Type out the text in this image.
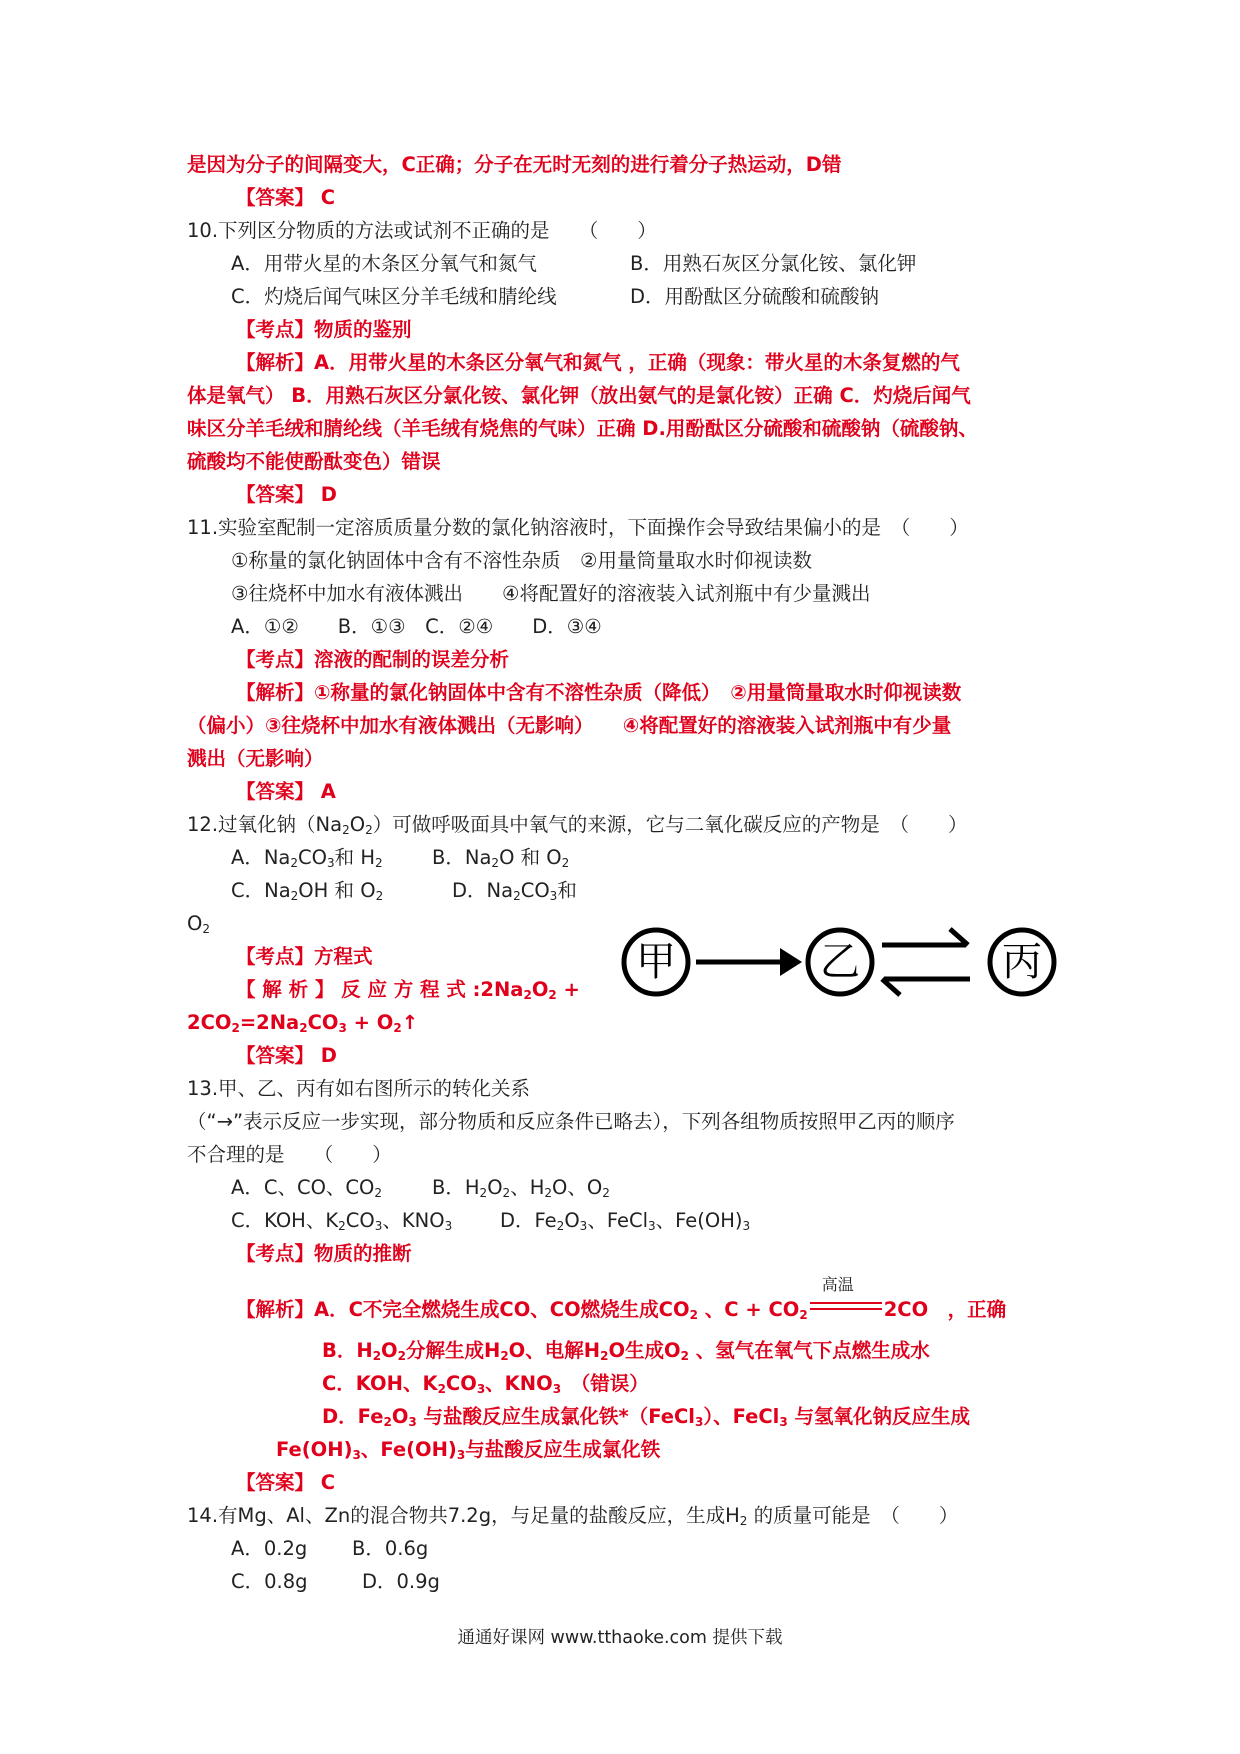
是因为分子的间隔变大，C正确；分子在无时无刻的进行着分子热运动，D错
【答案】 C
10.下列区分物质的方法或试剂不正确的是　　（　　）
A．用带火星的木条区分氧气和氮气	B．用熟石灰区分氯化铵、氯化钾
C．灼烧后闻气味区分羊毛绒和腈纶线	D．用酚酞区分硫酸和硫酸钠
【考点】物质的鉴别
【解析】A．用带火星的木条区分氧气和氮气 ，正确（现象：带火星的木条复燃的气
体是氧气） B．用熟石灰区分氯化铵、氯化钾（放出氨气的是氯化铵）正确 C．灼烧后闻气
味区分羊毛绒和腈纶线（羊毛绒有烧焦的气味）正确 D.用酚酞区分硫酸和硫酸钠（硫酸钠、
硫酸均不能使酚酞变色）错误
【答案】 D
11.实验室配制一定溶质质量分数的氯化钠溶液时，下面操作会导致结果偏小的是　（　　）
①称量的氯化钠固体中含有不溶性杂质　②用量筒量取水时仰视读数
③往烧杯中加水有液体溅出　　④将配置好的溶液装入试剂瓶中有少量溅出
A．①②　　B．①③　C．②④　　D．③④
【考点】溶液的配制的误差分析
【解析】①称量的氯化钠固体中含有不溶性杂质（降低）　②用量筒量取水时仰视读数
（偏小）③往烧杯中加水有液体溅出（无影响）　　④将配置好的溶液装入试剂瓶中有少量
溅出（无影响）
【答案】 A
12.过氧化钠$(Na_2O_2)$可做呼吸面具中氧气的来源，它与二氧化碳反应的产物是　（　　）
A．$Na_2CO_3$和 $H_2$	B．$Na_2O$ 和 $O_2$
C．$Na_2OH$ 和 $O_2$	D．$Na_2CO_3$和
$O_2$
【考点】方程式
【 解 析 】 反 应 方 程 式 $:2Na_2O_2$ +
$2CO_2=2Na_2CO_3$ + $O_2↑$
【答案】 D
甲	乙	丙
13.甲、乙、丙有如右图所示的转化关系
（“→”表示反应一步实现，部分物质和反应条件已略去），下列各组物质按照甲乙丙的顺序
不合理的是　　（　　）
A．C、CO、$CO_2$	B．$H_2O_2$、$H_2O$、$O_2$
C．KOH、$K_2CO_3$、$KNO_3$ D．$Fe_2O_3$、FeCl$_3$、$Fe(OH)_3$
【考点】物质的推断
【解析】A．C不完全燃烧生成CO、CO燃烧生成$CO_2$ 、$C + CO_2$
高温
2CO　，正确
B．$H_2O_2$分解生成$H_2O$、电解$H_2O$生成$O_2$ 、氢气在氧气下点燃生成水
C．KOH、$K_2CO_3$、$KNO_3$　（错误）
D．$Fe_2O_3$ 与盐酸反应生成氯化铁*（FeCl$_3$）、FeCl$_3$ 与氢氧化钠反应生成
$Fe(OH)_3$、$Fe(OH)_3$与盐酸反应生成氯化铁
【答案】 C
14.有Mg、Al、Zn的混合物共7.2g，与足量的盐酸反应，生成$H_2$ 的质量可能是　（　　）
A．0.2g B．0.6g
C．0.8g	D．0.9g
通通好课网 www.tthaoke.com 提供下载
